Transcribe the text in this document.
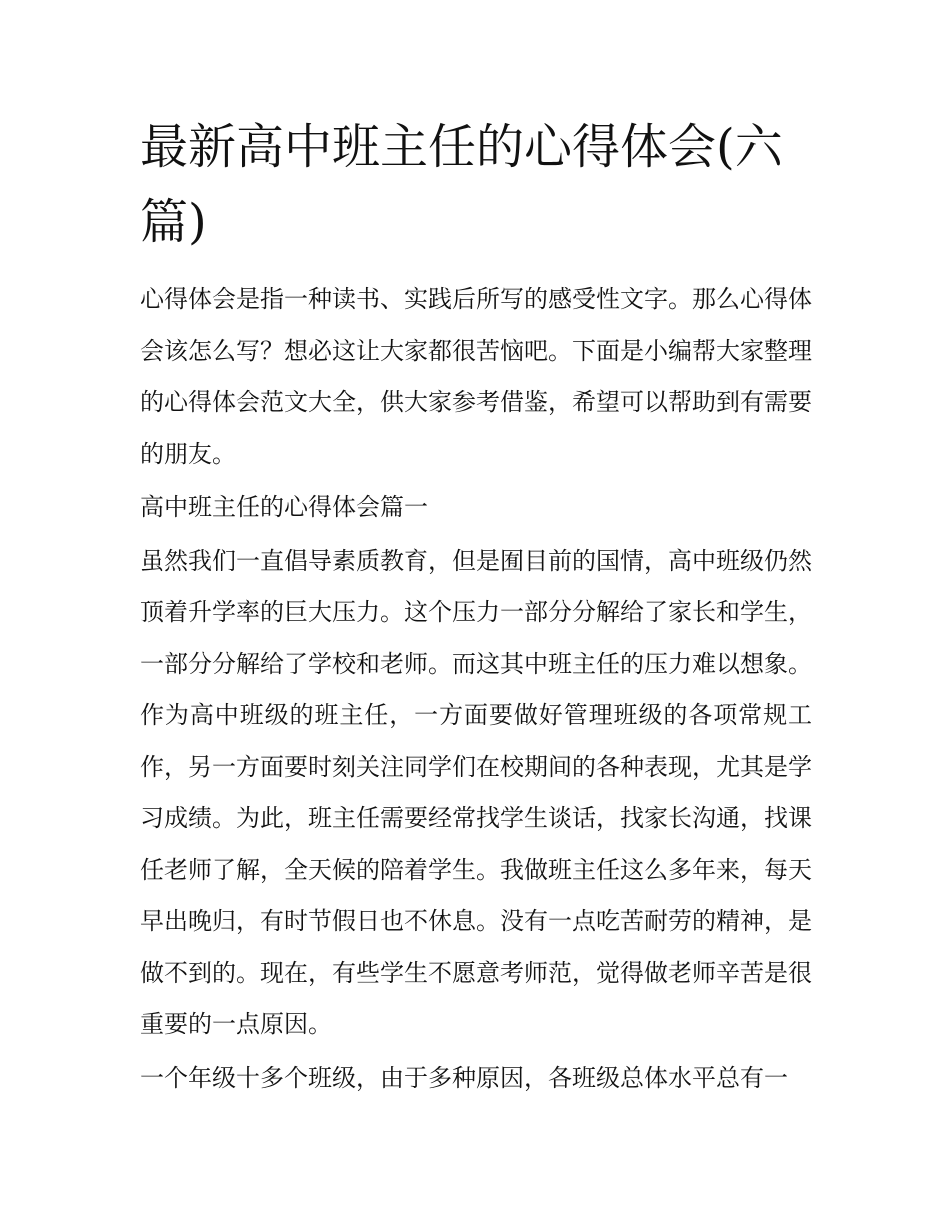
最新高中班主任的心得体会(六篇)

心得体会是指一种读书、实践后所写的感受性文字。那么心得体会该怎么写？想必这让大家都很苦恼吧。下面是小编帮大家整理的心得体会范文大全，供大家参考借鉴，希望可以帮助到有需要的朋友。

高中班主任的心得体会篇一

虽然我们一直倡导素质教育，但是囿目前的国情，高中班级仍然顶着升学率的巨大压力。这个压力一部分分解给了家长和学生，一部分分解给了学校和老师。而这其中班主任的压力难以想象。作为高中班级的班主任，一方面要做好管理班级的各项常规工作，另一方面要时刻关注同学们在校期间的各种表现，尤其是学习成绩。为此，班主任需要经常找学生谈话，找家长沟通，找课任老师了解，全天候的陪着学生。我做班主任这么多年来，每天早出晚归，有时节假日也不休息。没有一点吃苦耐劳的精神，是做不到的。现在，有些学生不愿意考师范，觉得做老师辛苦是很重要的一点原因。

一个年级十多个班级，由于多种原因，各班级总体水平总有一
